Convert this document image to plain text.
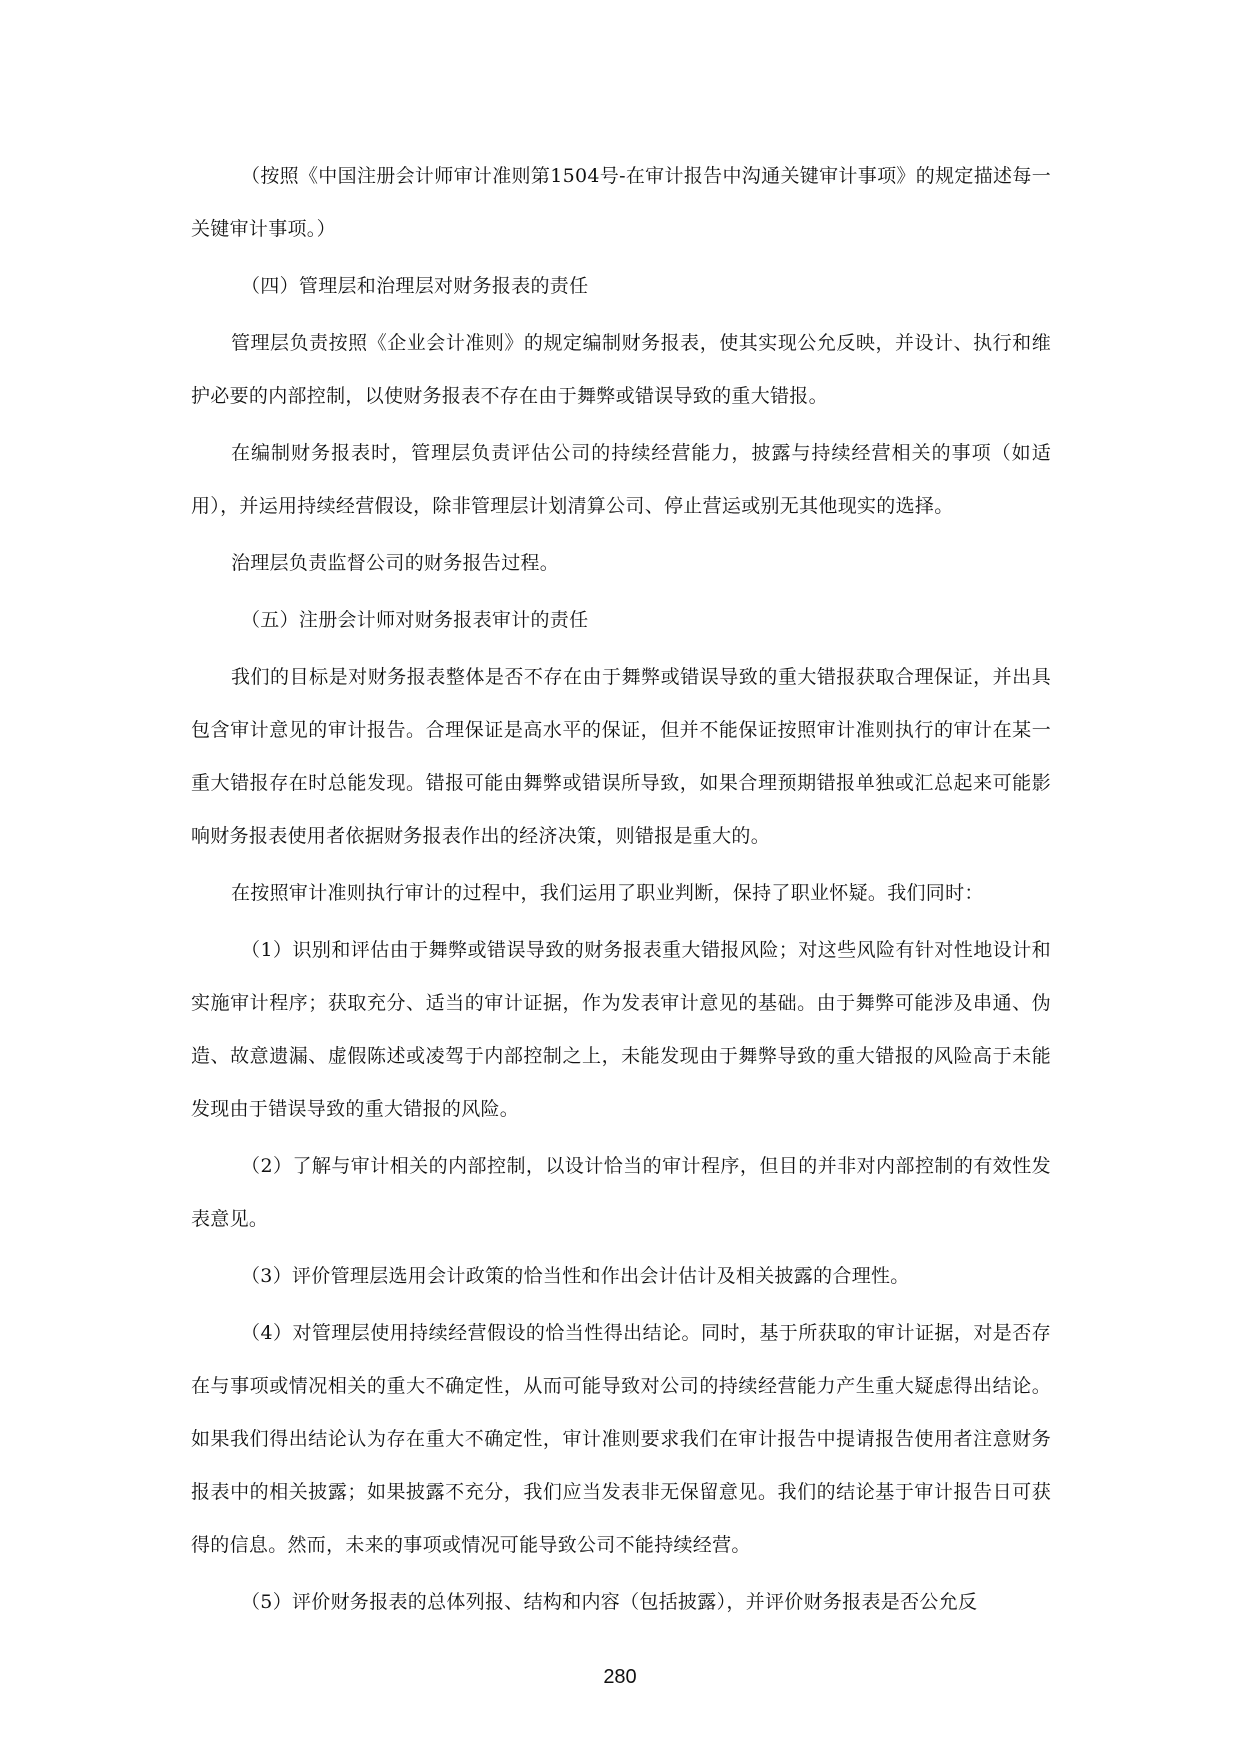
（按照《中国注册会计师审计准则第1504号-在审计报告中沟通关键审计事项》的规定描述每一关键审计事项。）

（四）管理层和治理层对财务报表的责任

管理层负责按照《企业会计准则》的规定编制财务报表，使其实现公允反映，并设计、执行和维护必要的内部控制，以使财务报表不存在由于舞弊或错误导致的重大错报。

在编制财务报表时，管理层负责评估公司的持续经营能力，披露与持续经营相关的事项（如适用），并运用持续经营假设，除非管理层计划清算公司、停止营运或别无其他现实的选择。

治理层负责监督公司的财务报告过程。

（五）注册会计师对财务报表审计的责任

我们的目标是对财务报表整体是否不存在由于舞弊或错误导致的重大错报获取合理保证，并出具包含审计意见的审计报告。合理保证是高水平的保证，但并不能保证按照审计准则执行的审计在某一重大错报存在时总能发现。错报可能由舞弊或错误所导致，如果合理预期错报单独或汇总起来可能影响财务报表使用者依据财务报表作出的经济决策，则错报是重大的。

在按照审计准则执行审计的过程中，我们运用了职业判断，保持了职业怀疑。我们同时：

（1）识别和评估由于舞弊或错误导致的财务报表重大错报风险；对这些风险有针对性地设计和实施审计程序；获取充分、适当的审计证据，作为发表审计意见的基础。由于舞弊可能涉及串通、伪造、故意遗漏、虚假陈述或凌驾于内部控制之上，未能发现由于舞弊导致的重大错报的风险高于未能发现由于错误导致的重大错报的风险。

（2）了解与审计相关的内部控制，以设计恰当的审计程序，但目的并非对内部控制的有效性发表意见。

（3）评价管理层选用会计政策的恰当性和作出会计估计及相关披露的合理性。

（4）对管理层使用持续经营假设的恰当性得出结论。同时，基于所获取的审计证据，对是否存在与事项或情况相关的重大不确定性，从而可能导致对公司的持续经营能力产生重大疑虑得出结论。如果我们得出结论认为存在重大不确定性，审计准则要求我们在审计报告中提请报告使用者注意财务报表中的相关披露；如果披露不充分，我们应当发表非无保留意见。我们的结论基于审计报告日可获得的信息。然而，未来的事项或情况可能导致公司不能持续经营。

（5）评价财务报表的总体列报、结构和内容（包括披露），并评价财务报表是否公允反

280
